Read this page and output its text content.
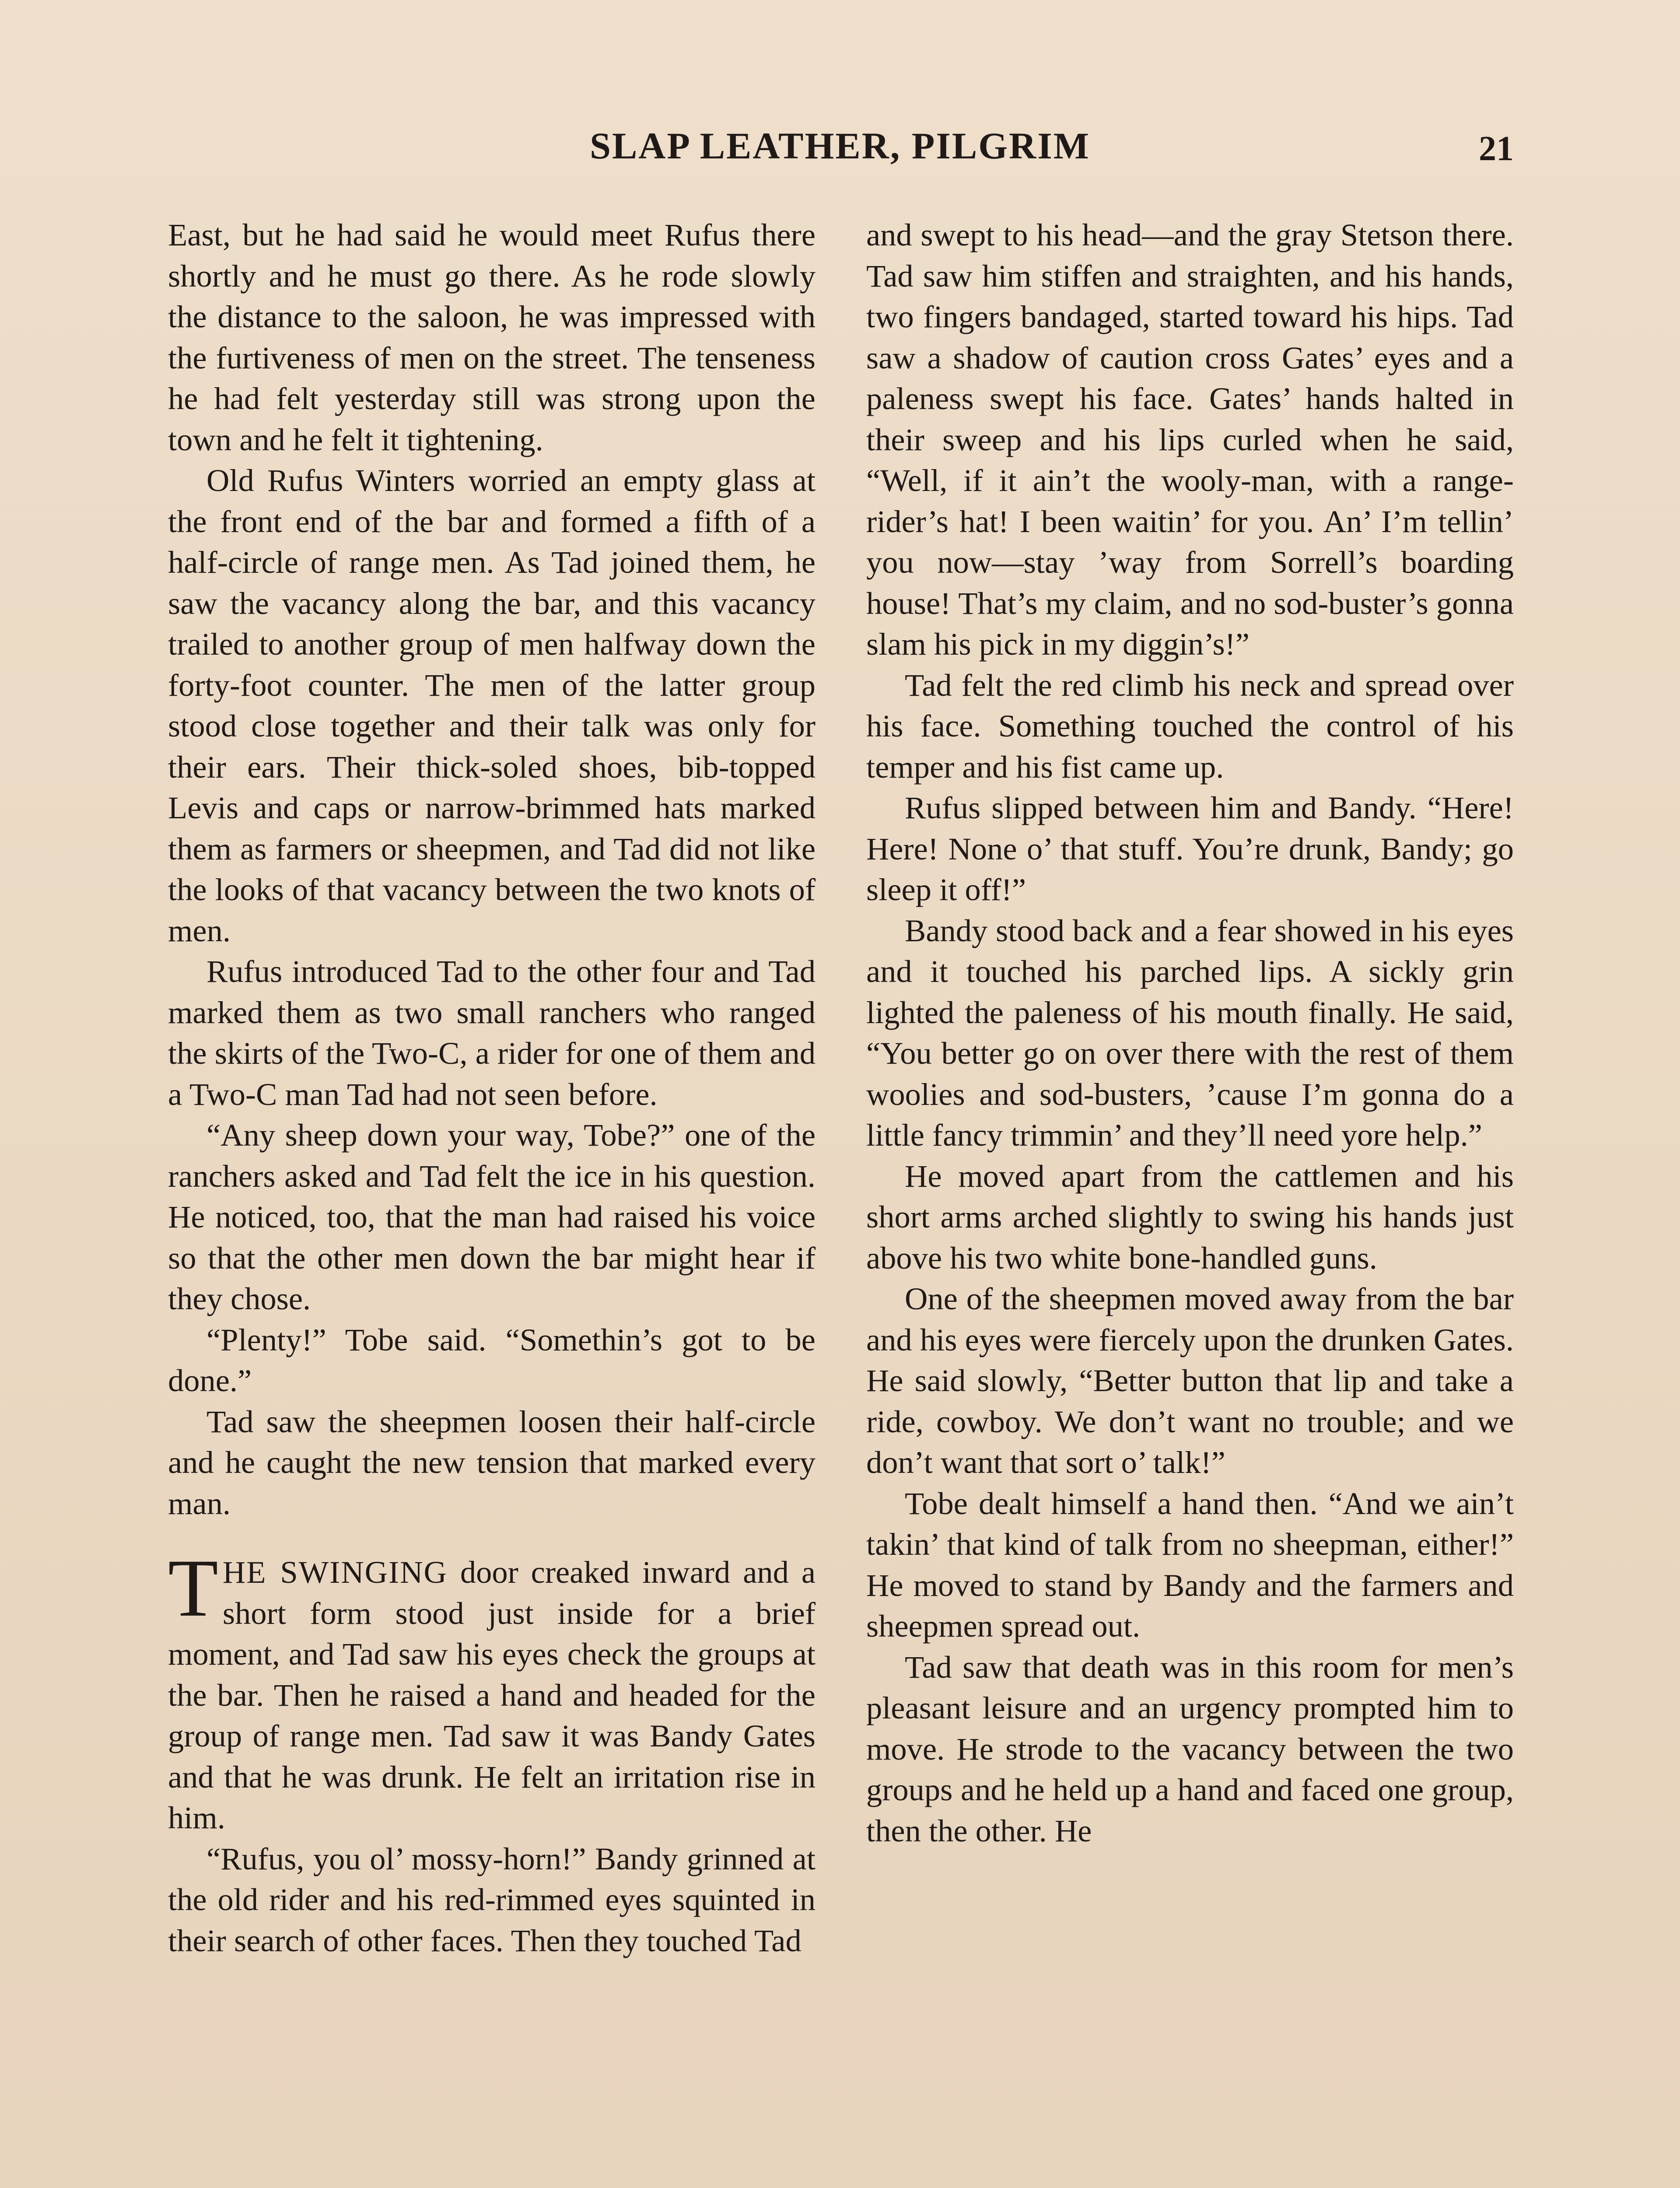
SLAP LEATHER, PILGRIM	21

East, but he had said he would meet Rufus there shortly and he must go there. As he rode slowly the distance to the saloon, he was impressed with the furtiveness of men on the street. The tenseness he had felt yesterday still was strong upon the town and he felt it tightening.

Old Rufus Winters worried an empty glass at the front end of the bar and formed a fifth of a half-circle of range men. As Tad joined them, he saw the vacancy along the bar, and this vacancy trailed to another group of men halfway down the forty-foot counter. The men of the latter group stood close together and their talk was only for their ears. Their thick-soled shoes, bib-topped Levis and caps or narrow-brimmed hats marked them as farmers or sheepmen, and Tad did not like the looks of that vacancy between the two knots of men.

Rufus introduced Tad to the other four and Tad marked them as two small ranchers who ranged the skirts of the Two-C, a rider for one of them and a Two-C man Tad had not seen before.

“Any sheep down your way, Tobe?” one of the ranchers asked and Tad felt the ice in his question. He noticed, too, that the man had raised his voice so that the other men down the bar might hear if they chose.

“Plenty!” Tobe said. “Somethin’s got to be done.”

Tad saw the sheepmen loosen their half-circle and he caught the new tension that marked every man.

THE SWINGING door creaked inward and a short form stood just inside for a brief moment, and Tad saw his eyes check the groups at the bar. Then he raised a hand and headed for the group of range men. Tad saw it was Bandy Gates and that he was drunk. He felt an irritation rise in him.

“Rufus, you ol’ mossy-horn!” Bandy grinned at the old rider and his red-rimmed eyes squinted in their search of other faces. Then they touched Tad

and swept to his head—and the gray Stetson there. Tad saw him stiffen and straighten, and his hands, two fingers bandaged, started toward his hips. Tad saw a shadow of caution cross Gates’ eyes and a paleness swept his face. Gates’ hands halted in their sweep and his lips curled when he said, “Well, if it ain’t the wooly-man, with a range-rider’s hat! I been waitin’ for you. An’ I’m tellin’ you now—stay ’way from Sorrell’s boarding house! That’s my claim, and no sod-buster’s gonna slam his pick in my diggin’s!”

Tad felt the red climb his neck and spread over his face. Something touched the control of his temper and his fist came up.

Rufus slipped between him and Bandy. “Here! Here! None o’ that stuff. You’re drunk, Bandy; go sleep it off!”

Bandy stood back and a fear showed in his eyes and it touched his parched lips. A sickly grin lighted the paleness of his mouth finally. He said, “You better go on over there with the rest of them woolies and sod-busters, ’cause I’m gonna do a little fancy trimmin’ and they’ll need yore help.”

He moved apart from the cattlemen and his short arms arched slightly to swing his hands just above his two white bone-handled guns.

One of the sheepmen moved away from the bar and his eyes were fiercely upon the drunken Gates. He said slowly, “Better button that lip and take a ride, cowboy. We don’t want no trouble; and we don’t want that sort o’ talk!”

Tobe dealt himself a hand then. “And we ain’t takin’ that kind of talk from no sheepman, either!” He moved to stand by Bandy and the farmers and sheepmen spread out.

Tad saw that death was in this room for men’s pleasant leisure and an urgency prompted him to move. He strode to the vacancy between the two groups and he held up a hand and faced one group, then the other. He
